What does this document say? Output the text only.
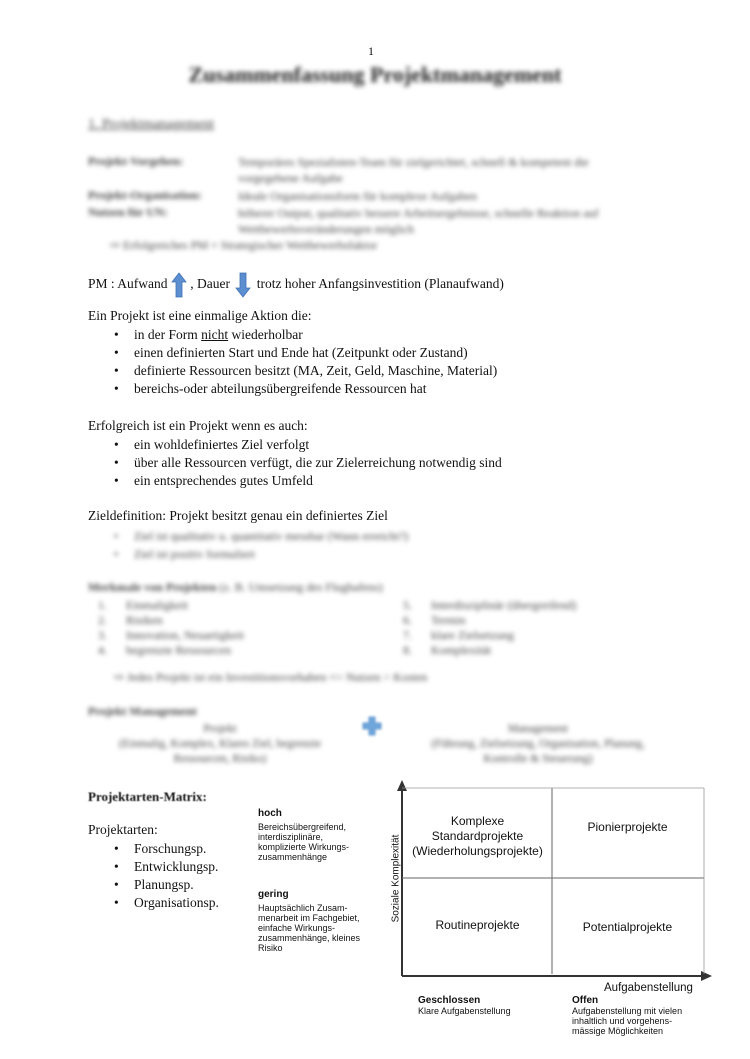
1
Zusammenfassung Projektmanagement
1. Projektmanagement
Projekt-Vorgehen:	Temporäres Spezialisten-Team für zielgerichtet, schnell & kompetent die vorgegebene Aufgabe
Projekt-Organisation:	Ideale Organisationsform für komplexe Aufgaben
Nutzen für UN:	höherer Output, qualitativ bessere Arbeitsergebnisse, schnelle Reaktion auf Wettbewerbsveränderungen möglich
⇨ Erfolgreiches PM = Strategischer Wettbewerbsfaktor
PM : Aufwand , Dauer trotz hoher Anfangsinvestition (Planaufwand)
Ein Projekt ist eine einmalige Aktion die:
• in der Form nicht wiederholbar
• einen definierten Start und Ende hat (Zeitpunkt oder Zustand)
• definierte Ressourcen besitzt (MA, Zeit, Geld, Maschine, Material)
• bereichs-oder abteilungsübergreifende Ressourcen hat
Erfolgreich ist ein Projekt wenn es auch:
• ein wohldefiniertes Ziel verfolgt
• über alle Ressourcen verfügt, die zur Zielerreichung notwendig sind
• ein entsprechendes gutes Umfeld
Zieldefinition: Projekt besitzt genau ein definiertes Ziel
• Ziel ist qualitativ u. quantitativ messbar (Wann erreicht?)
• Ziel ist positiv formuliert
Merkmale von Projekten (z. B. Umsetzung des Flughafens)
1. Einmaligkeit
2. Risiken
3. Innovation, Neuartigkeit
4. begrenzte Ressourcen
5. Interdisziplinär (übergreifend)
6. Termin
7. klare Zielsetzung
8. Komplexität
⇨ Jedes Projekt ist ein Investitionsvorhaben => Nutzen > Kosten
Projekt Management
Projekt
(Einmalig, Komplex, Klares Ziel, begrenzte Ressourcen, Risiko)
Management
(Führung, Zielsetzung, Organisation, Planung, Kontrolle & Steuerung)
Projektarten-Matrix:
Projektarten:
• Forschungsp.
• Entwicklungsp.
• Planungsp.
• Organisationsp.
hoch
Bereichsübergreifend,
interdisziplinäre,
komplizierte Wirkungs-
zusammenhänge
gering
Hauptsächlich Zusam-
menarbeit im Fachgebiet,
einfache Wirkungs-
zusammenhänge, kleines
Risiko
Soziale Komplexität
Komplexe
Standardprojekte
(Wiederholungsprojekte)
Pionierprojekte
Routineprojekte	Potentialprojekte
Aufgabenstellung
Geschlossen
Klare Aufgabenstellung
Offen
Aufgabenstellung mit vielen
inhaltlich und vorgehens-
mässige Möglichkeiten
